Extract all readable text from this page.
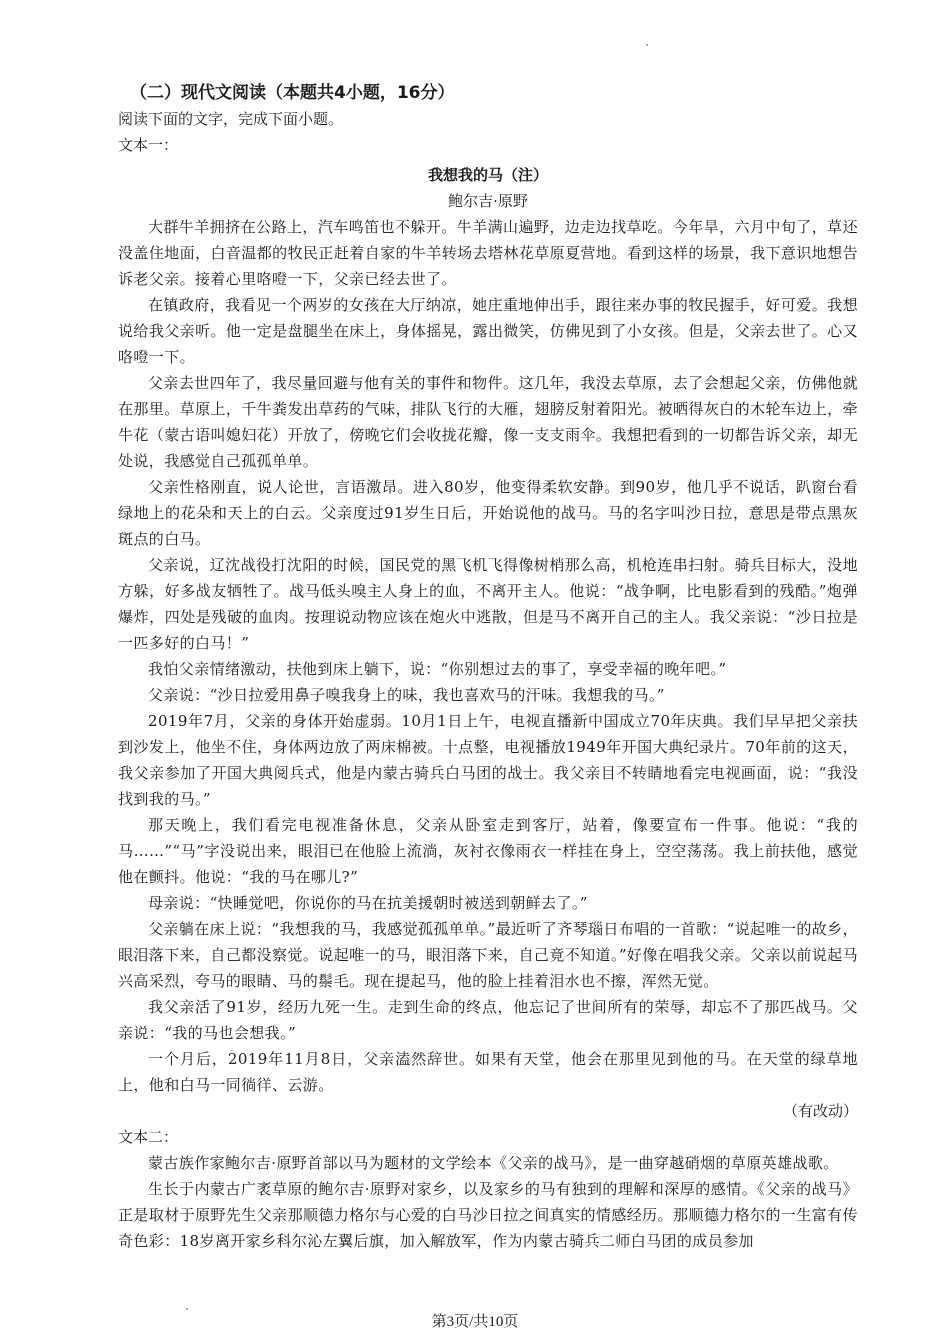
（二）现代文阅读（本题共4小题，16分）

阅读下面的文字，完成下面小题。

文本一：

我想我的马（注）

鲍尔吉·原野

大群牛羊拥挤在公路上，汽车鸣笛也不躲开。牛羊满山遍野，边走边找草吃。今年旱，六月中旬了，草还没盖住地面，白音温都的牧民正赶着自家的牛羊转场去塔林花草原夏营地。看到这样的场景，我下意识地想告诉老父亲。接着心里咯噔一下，父亲已经去世了。

在镇政府，我看见一个两岁的女孩在大厅纳凉，她庄重地伸出手，跟往来办事的牧民握手，好可爱。我想说给我父亲听。他一定是盘腿坐在床上，身体摇晃，露出微笑，仿佛见到了小女孩。但是，父亲去世了。心又咯噔一下。

父亲去世四年了，我尽量回避与他有关的事件和物件。这几年，我没去草原，去了会想起父亲，仿佛他就在那里。草原上，千牛粪发出草药的气味，排队飞行的大雁，翅膀反射着阳光。被晒得灰白的木轮车边上，牵牛花（蒙古语叫媳妇花）开放了，傍晚它们会收拢花瓣，像一支支雨伞。我想把看到的一切都告诉父亲，却无处说，我感觉自己孤孤单单。

父亲性格刚直，说人论世，言语激昂。进入80岁，他变得柔软安静。到90岁，他几乎不说话，趴窗台看绿地上的花朵和天上的白云。父亲度过91岁生日后，开始说他的战马。马的名字叫沙日拉，意思是带点黑灰斑点的白马。

父亲说，辽沈战役打沈阳的时候，国民党的黑飞机飞得像树梢那么高，机枪连串扫射。骑兵目标大，没地方躲，好多战友牺牲了。战马低头嗅主人身上的血，不离开主人。他说：“战争啊，比电影看到的残酷。”炮弹爆炸，四处是残破的血肉。按理说动物应该在炮火中逃散，但是马不离开自己的主人。我父亲说：“沙日拉是一匹多好的白马！”

我怕父亲情绪激动，扶他到床上躺下，说：“你别想过去的事了，享受幸福的晚年吧。”

父亲说：“沙日拉爱用鼻子嗅我身上的味，我也喜欢马的汗味。我想我的马。”

2019年7月，父亲的身体开始虚弱。10月1日上午，电视直播新中国成立70年庆典。我们早早把父亲扶到沙发上，他坐不住，身体两边放了两床棉被。十点整，电视播放1949年开国大典纪录片。70年前的这天，我父亲参加了开国大典阅兵式，他是内蒙古骑兵白马团的战士。我父亲目不转睛地看完电视画面，说：“我没找到我的马。”

那天晚上，我们看完电视准备休息，父亲从卧室走到客厅，站着，像要宣布一件事。他说：“我的马……”“马”字没说出来，眼泪已在他脸上流淌，灰衬衣像雨衣一样挂在身上，空空荡荡。我上前扶他，感觉他在颤抖。他说：“我的马在哪儿?”

母亲说：“快睡觉吧，你说你的马在抗美援朝时被送到朝鲜去了。”

父亲躺在床上说：“我想我的马，我感觉孤孤单单。”最近听了齐琴瑙日布唱的一首歌：“说起唯一的故乡，眼泪落下来，自己都没察觉。说起唯一的马，眼泪落下来，自己竟不知道。”好像在唱我父亲。父亲以前说起马兴高采烈，夸马的眼睛、马的鬃毛。现在提起马，他的脸上挂着泪水也不擦，浑然无觉。

我父亲活了91岁，经历九死一生。走到生命的终点，他忘记了世间所有的荣辱，却忘不了那匹战马。父亲说：“我的马也会想我。”

一个月后，2019年11月8日，父亲溘然辞世。如果有天堂，他会在那里见到他的马。在天堂的绿草地上，他和白马一同徜徉、云游。

（有改动）

文本二：

蒙古族作家鲍尔吉·原野首部以马为题材的文学绘本《父亲的战马》，是一曲穿越硝烟的草原英雄战歌。

生长于内蒙古广袤草原的鲍尔吉·原野对家乡，以及家乡的马有独到的理解和深厚的感情。《父亲的战马》正是取材于原野先生父亲那顺德力格尔与心爱的白马沙日拉之间真实的情感经历。那顺德力格尔的一生富有传奇色彩：18岁离开家乡科尔沁左翼后旗，加入解放军，作为内蒙古骑兵二师白马团的成员参加

第3页/共10页
